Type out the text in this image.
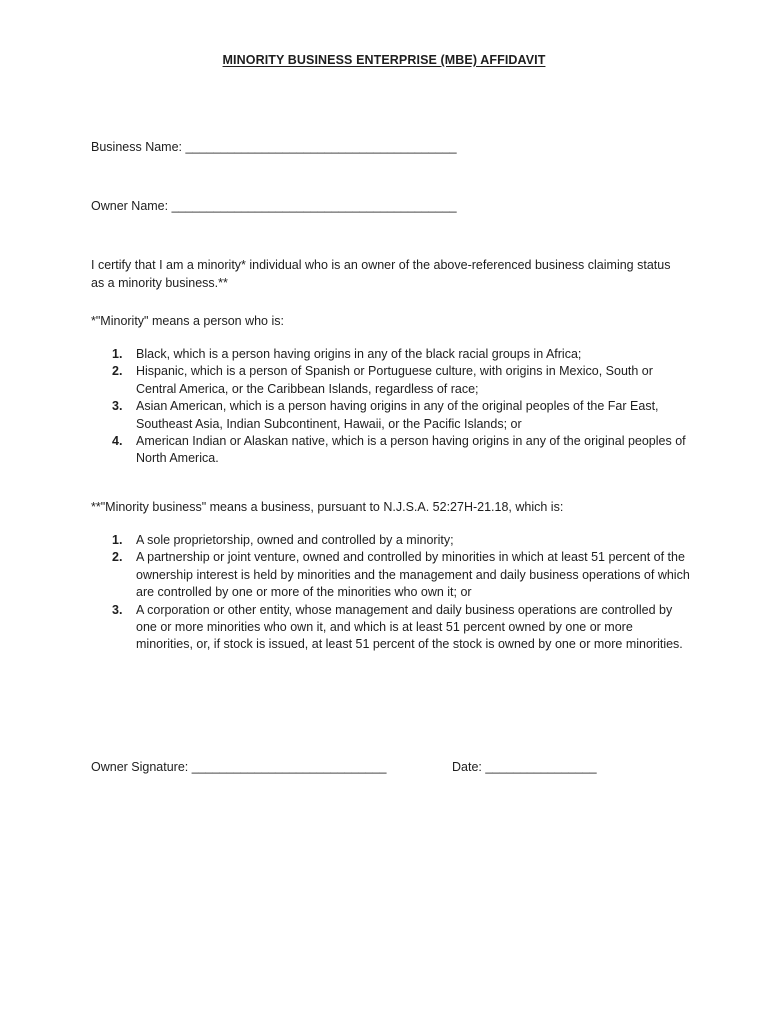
MINORITY BUSINESS ENTERPRISE (MBE) AFFIDAVIT
Business Name: _______________________________________
Owner Name: _________________________________________
I certify that I am a minority* individual who is an owner of the above-referenced business claiming status as a minority business.**
*"Minority" means a person who is:
1. Black, which is a person having origins in any of the black racial groups in Africa;
2. Hispanic, which is a person of Spanish or Portuguese culture, with origins in Mexico, South or Central America, or the Caribbean Islands, regardless of race;
3. Asian American, which is a person having origins in any of the original peoples of the Far East, Southeast Asia, Indian Subcontinent, Hawaii, or the Pacific Islands; or
4. American Indian or Alaskan native, which is a person having origins in any of the original peoples of North America.
**"Minority business" means a business, pursuant to N.J.S.A. 52:27H-21.18, which is:
1. A sole proprietorship, owned and controlled by a minority;
2. A partnership or joint venture, owned and controlled by minorities in which at least 51 percent of the ownership interest is held by minorities and the management and daily business operations of which are controlled by one or more of the minorities who own it; or
3. A corporation or other entity, whose management and daily business operations are controlled by one or more minorities who own it, and which is at least 51 percent owned by one or more minorities, or, if stock is issued, at least 51 percent of the stock is owned by one or more minorities.
Owner Signature: ____________________________	Date: ________________
